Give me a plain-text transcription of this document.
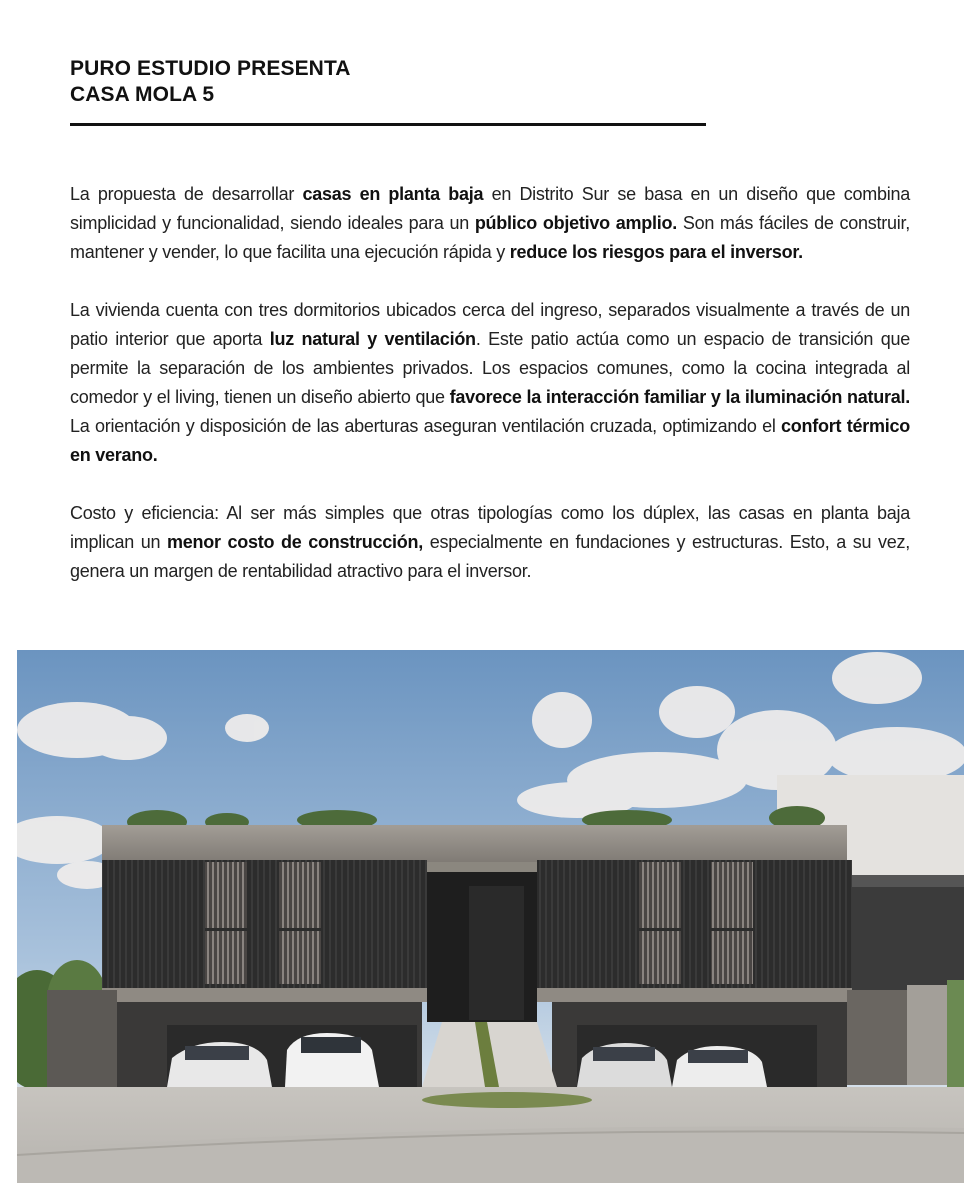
PURO ESTUDIO PRESENTA
CASA MOLA 5

La propuesta de desarrollar casas en planta baja en Distrito Sur se basa en un diseño que combina simplicidad y funcionalidad, siendo ideales para un público objetivo amplio. Son más fáciles de construir, mantener y vender, lo que facilita una ejecución rápida y reduce los riesgos para el inversor.

La vivienda cuenta con tres dormitorios ubicados cerca del ingreso, separados visualmente a través de un patio interior que aporta luz natural y ventilación. Este patio actúa como un espacio de transición que permite la separación de los ambientes privados. Los espacios comunes, como la cocina integrada al comedor y el living, tienen un diseño abierto que favorece la interacción familiar y la iluminación natural. La orientación y disposición de las aberturas aseguran ventilación cruzada, optimizando el confort térmico en verano.

Costo y eficiencia: Al ser más simples que otras tipologías como los dúplex, las casas en planta baja implican un menor costo de construcción, especialmente en fundaciones y estructuras. Esto, a su vez, genera un margen de rentabilidad atractivo para el inversor.
